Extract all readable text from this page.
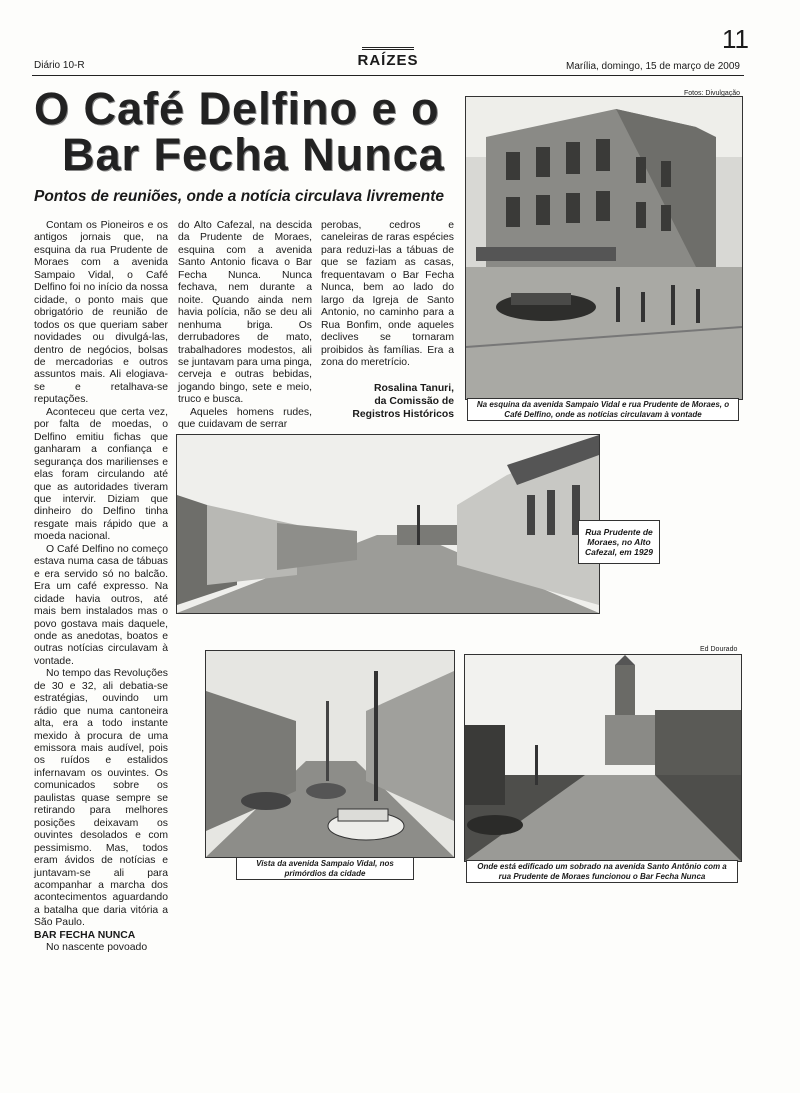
Diário 10-R	RAÍZES	Marília, domingo, 15 de março de 2009
11
O Café Delfino e o
Bar Fecha Nunca
Pontos de reuniões, onde a notícia circulava livremente

Contam os Pioneiros e os antigos jornais que, na esquina da rua Prudente de Moraes com a avenida Sampaio Vidal, o Café Delfino foi no início da nossa cidade, o ponto mais que obrigatório de reunião de todos os que queriam saber novidades ou divulgá-las, dentro de negócios, bolsas de mercadorias e outros assuntos mais. Ali elogiava-se e retalhava-se reputações.

Aconteceu que certa vez, por falta de moedas, o Delfino emitiu fichas que ganharam a confiança e segurança dos marilienses e elas foram circulando até que as autoridades tiveram que intervir. Diziam que dinheiro do Delfino tinha resgate mais rápido que a moeda nacional.

O Café Delfino no começo estava numa casa de tábuas e era servido só no balcão. Era um café expresso. Na cidade havia outros, até mais bem instalados mas o povo gostava mais daquele, onde as anedotas, boatos e outras notícias circulavam à vontade.

No tempo das Revoluções de 30 e 32, ali debatia-se estratégias, ouvindo um rádio que numa cantoneira alta, era a todo instante mexido à procura de uma emissora mais audível, pois os ruídos e estalidos infernavam os ouvintes. Os comunicados sobre os paulistas quase sempre se retirando para melhores posições deixavam os ouvintes desolados e com pessimismo. Mas, todos eram ávidos de notícias e juntavam-se ali para acompanhar a marcha dos acontecimentos aguardando a batalha que daria vitória a São Paulo.

BAR FECHA NUNCA

No nascente povoado

do Alto Cafezal, na descida da Prudente de Moraes, esquina com a avenida Santo Antonio ficava o Bar Fecha Nunca. Nunca fechava, nem durante a noite. Quando ainda nem havia polícia, não se deu ali nenhuma briga. Os derrubadores de mato, trabalhadores modestos, ali se juntavam para uma pinga, cerveja e outras bebidas, jogando bingo, sete e meio, truco e busca.

Aqueles homens rudes, que cuidavam de serrar

perobas, cedros e caneleiras de raras espécies para reduzi-las a tábuas de que se faziam as casas, frequentavam o Bar Fecha Nunca, bem ao lado do largo da Igreja de Santo Antonio, no caminho para a Rua Bonfim, onde aqueles declives se tornaram proibidos às famílias. Era a zona do meretrício.

Rosalina Tanuri,
da Comissão de
Registros Históricos
Fotos: Divulgação
Ed Dourado
Na esquina da avenida Sampaio Vidal e rua Prudente de Moraes, o Café Delfino, onde as notícias circulavam à vontade
Rua Prudente de Moraes, no Alto Cafezal, em 1929
Vista da avenida Sampaio Vidal, nos primórdios da cidade
Onde está edificado um sobrado na avenida Santo Antônio com a rua Prudente de Moraes funcionou o Bar Fecha Nunca
